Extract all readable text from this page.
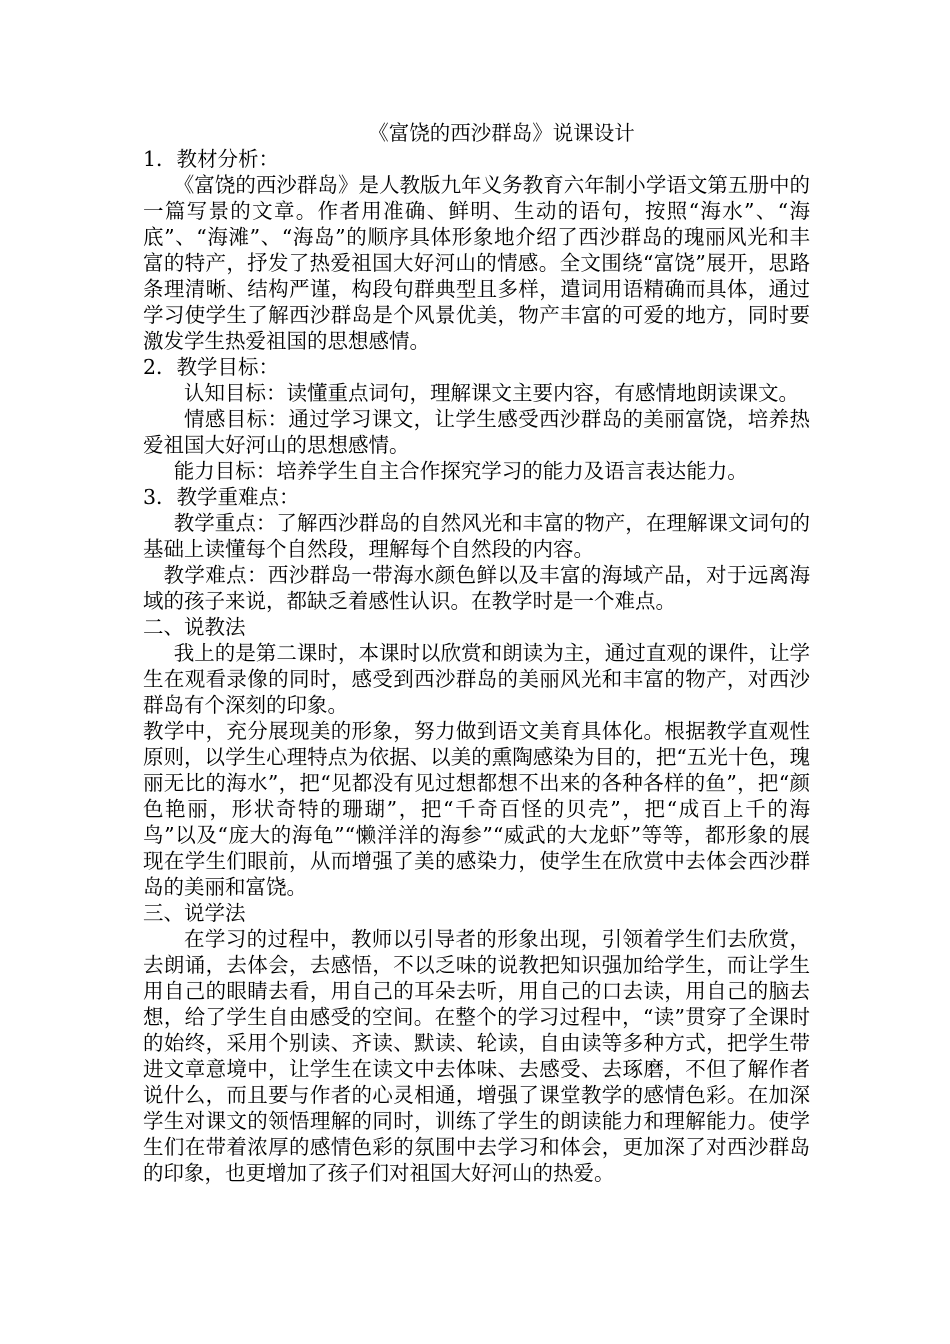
《富饶的西沙群岛》说课设计

1．教材分析：

《富饶的西沙群岛》是人教版九年义务教育六年制小学语文第五册中的一篇写景的文章。作者用准确、鲜明、生动的语句，按照“海水”、“海底”、“海滩”、“海岛”的顺序具体形象地介绍了西沙群岛的瑰丽风光和丰富的特产，抒发了热爱祖国大好河山的情感。全文围绕“富饶”展开，思路条理清晰、结构严谨，构段句群典型且多样，遣词用语精确而具体，通过学习使学生了解西沙群岛是个风景优美，物产丰富的可爱的地方，同时要激发学生热爱祖国的思想感情。

2．教学目标：

认知目标：读懂重点词句，理解课文主要内容，有感情地朗读课文。

情感目标：通过学习课文，让学生感受西沙群岛的美丽富饶，培养热爱祖国大好河山的思想感情。

能力目标：培养学生自主合作探究学习的能力及语言表达能力。

3．教学重难点：

教学重点：了解西沙群岛的自然风光和丰富的物产，在理解课文词句的基础上读懂每个自然段，理解每个自然段的内容。

教学难点：西沙群岛一带海水颜色鲜以及丰富的海域产品，对于远离海域的孩子来说，都缺乏着感性认识。在教学时是一个难点。

二、说教法

我上的是第二课时，本课时以欣赏和朗读为主，通过直观的课件，让学生在观看录像的同时，感受到西沙群岛的美丽风光和丰富的物产，对西沙群岛有个深刻的印象。

教学中，充分展现美的形象，努力做到语文美育具体化。根据教学直观性原则，以学生心理特点为依据、以美的熏陶感染为目的，把“五光十色，瑰丽无比的海水”，把“见都没有见过想都想不出来的各种各样的鱼”，把“颜色艳丽，形状奇特的珊瑚”，把“千奇百怪的贝壳”，把“成百上千的海鸟”以及“庞大的海龟”“懒洋洋的海参”“威武的大龙虾”等等，都形象的展现在学生们眼前，从而增强了美的感染力，使学生在欣赏中去体会西沙群岛的美丽和富饶。

三、说学法

在学习的过程中，教师以引导者的形象出现，引领着学生们去欣赏，去朗诵，去体会，去感悟，不以乏味的说教把知识强加给学生，而让学生用自己的眼睛去看，用自己的耳朵去听，用自己的口去读，用自己的脑去想，给了学生自由感受的空间。在整个的学习过程中，“读”贯穿了全课时的始终，采用个别读、齐读、默读、轮读，自由读等多种方式，把学生带进文章意境中，让学生在读文中去体味、去感受、去琢磨，不但了解作者说什么，而且要与作者的心灵相通，增强了课堂教学的感情色彩。在加深学生对课文的领悟理解的同时，训练了学生的朗读能力和理解能力。使学生们在带着浓厚的感情色彩的氛围中去学习和体会，更加深了对西沙群岛的印象，也更增加了孩子们对祖国大好河山的热爱。
